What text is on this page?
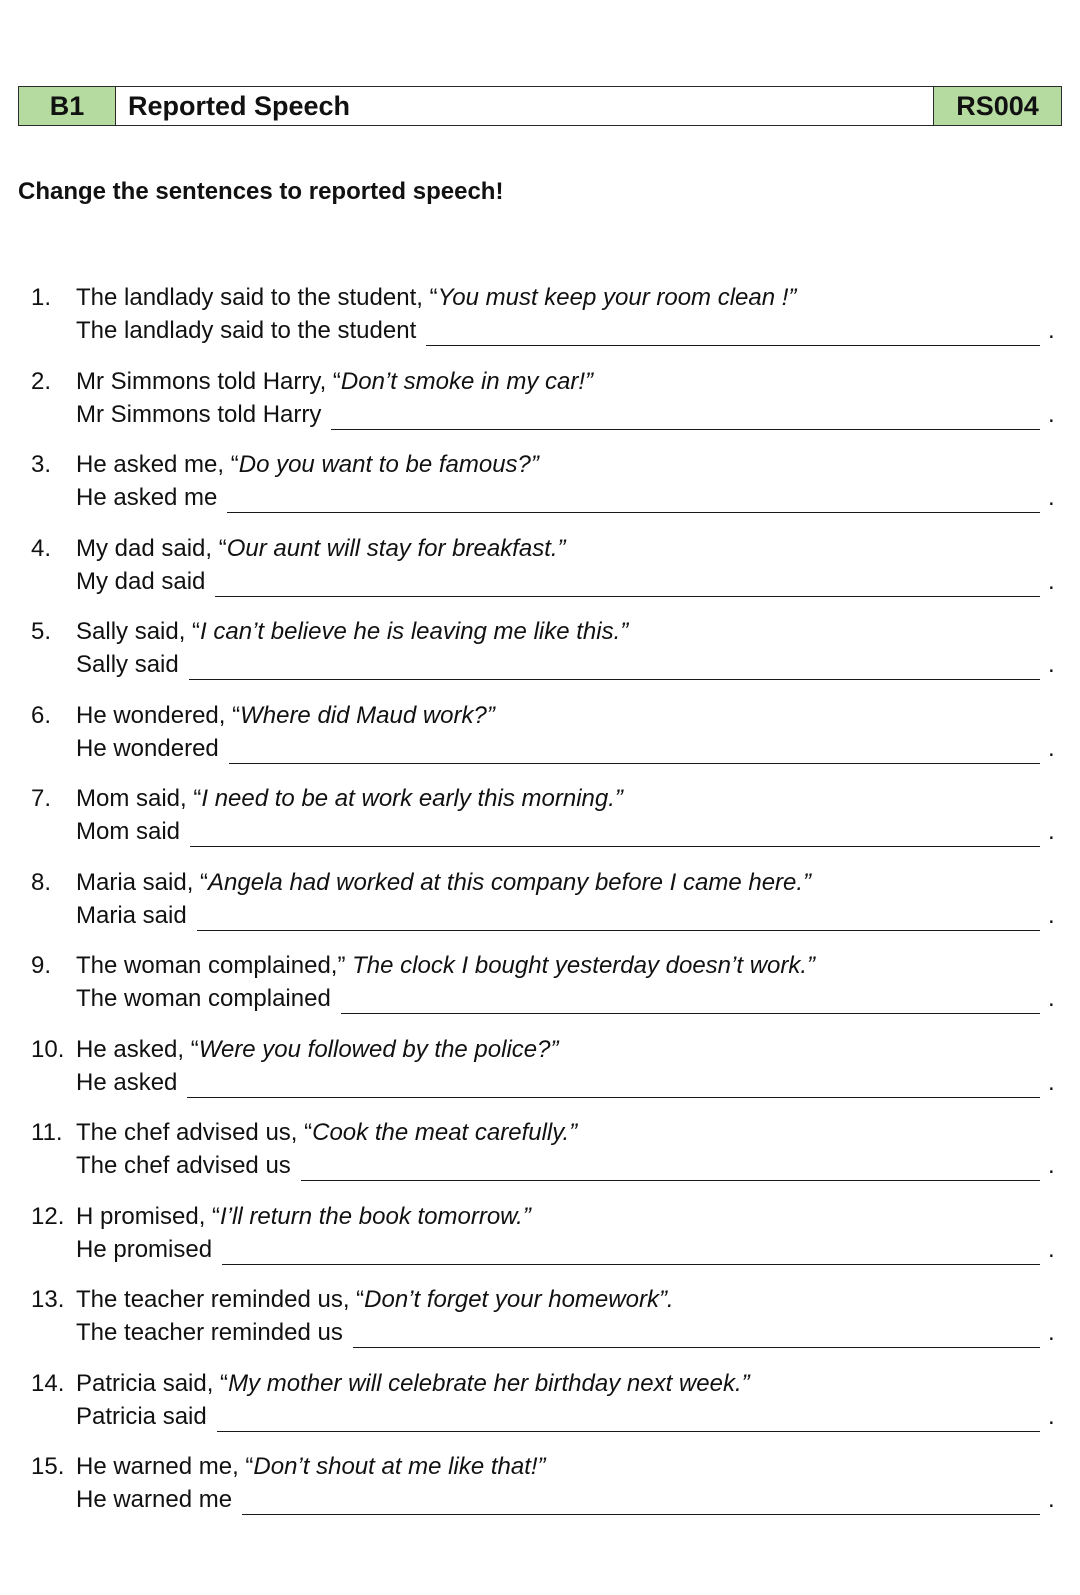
B1	Reported Speech	RS004
Change the sentences to reported speech!
1. The landlady said to the student, “You must keep your room clean !”
The landlady said to the student	.
2. Mr Simmons told Harry, “Don’t smoke in my car!”
Mr Simmons told Harry	.
3. He asked me, “Do you want to be famous?”
He asked me	.
4. My dad said, “Our aunt will stay for breakfast.”
My dad said	.
5. Sally said, “I can’t believe he is leaving me like this.”
Sally said	.
6. He wondered, “Where did Maud work?”
He wondered	.
7. Mom said, “I need to be at work early this morning.”
Mom said	.
8. Maria said, “Angela had worked at this company before I came here.”
Maria said	.
9. The woman complained,” The clock I bought yesterday doesn’t work.”
The woman complained	.
10. He asked, “Were you followed by the police?”
He asked	.
11. The chef advised us, “Cook the meat carefully.”
The chef advised us	.
12. H promised, “I’ll return the book tomorrow.”
He promised	.
13. The teacher reminded us, “Don’t forget your homework”.
The teacher reminded us	.
14. Patricia said, “My mother will celebrate her birthday next week.”
Patricia said	.
15. He warned me, “Don’t shout at me like that!”
He warned me	.
